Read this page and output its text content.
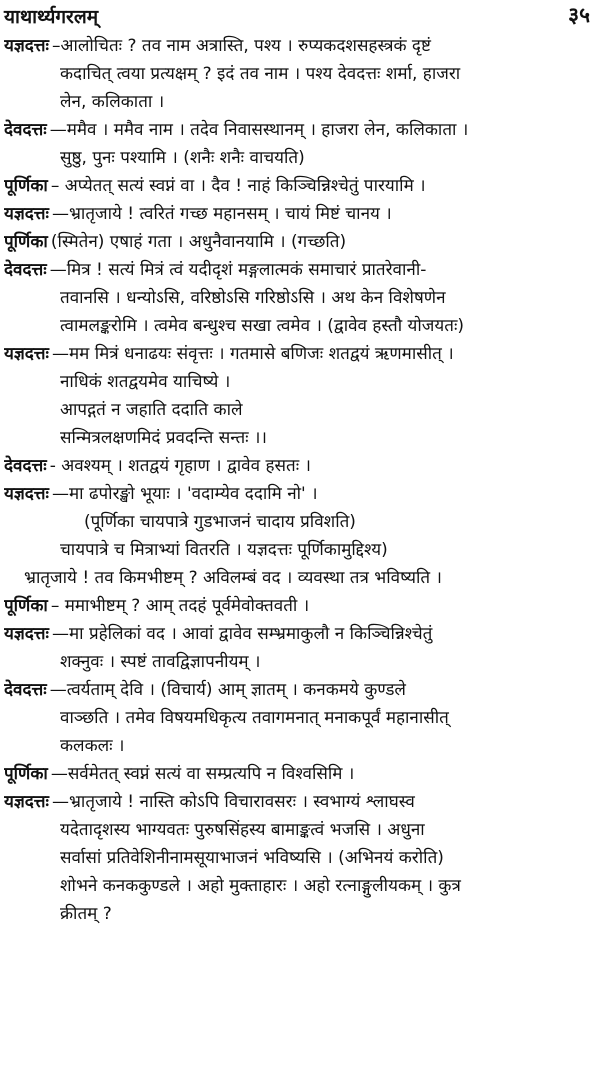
याथार्थ्यगरलम्	३५
यज्ञदत्तः –आलोचितः ? तव नाम अत्रास्ति, पश्य । रुप्यकदशसहस्त्रकं दृष्टं
कदाचित् त्वया प्रत्यक्षम् ? इदं तव नाम । पश्य देवदत्तः शर्मा, हाजरा
लेन, कलिकाता ।
देवदत्तः —ममैव । ममैव नाम । तदेव निवासस्थानम् । हाजरा लेन, कलिकाता ।
सुष्ठु, पुनः पश्यामि । (शनैः शनैः वाचयति)
पूर्णिका – अप्येतत् सत्यं स्वप्नं वा । दैव ! नाहं किञ्चिन्निश्चेतुं पारयामि ।
यज्ञदत्तः —भ्रातृजाये ! त्वरितं गच्छ महानसम् । चायं मिष्टं चानय ।
पूर्णिका (स्मितेन) एषाहं गता । अधुनैवानयामि । (गच्छति)
देवदत्तः —मित्र ! सत्यं मित्रं त्वं यदीदृशं मङ्गलात्मकं समाचारं प्रातरेवानी-
तवानसि । धन्योऽसि, वरिष्ठोऽसि गरिष्ठोऽसि । अथ केन विशेषणेन
त्वामलङ्करोमि । त्वमेव बन्धुश्च सखा त्वमेव । (द्वावेव हस्तौ योजयतः)
यज्ञदत्तः —मम मित्रं धनाढयः संवृत्तः । गतमासे बणिजः शतद्वयं ऋणमासीत् ।
नाधिकं शतद्वयमेव याचिष्ये ।
आपद्गतं न जहाति ददाति काले
सन्मित्रलक्षणमिदं प्रवदन्ति सन्तः ।।
देवदत्तः - अवश्यम् । शतद्वयं गृहाण । द्वावेव हसतः ।
यज्ञदत्तः —मा ढपोरङ्खो भूयाः । 'वदाम्येव ददामि नो' ।
(पूर्णिका चायपात्रे गुडभाजनं चादाय प्रविशति)
चायपात्रे च मित्राभ्यां वितरति । यज्ञदत्तः पूर्णिकामुद्दिश्य)
भ्रातृजाये ! तव किमभीष्टम् ? अविलम्बं वद । व्यवस्था तत्र भविष्यति ।
पूर्णिका – ममाभीष्टम् ? आम् तदहं पूर्वमेवोक्तवती ।
यज्ञदत्तः —मा प्रहेलिकां वद । आवां द्वावेव सम्भ्रमाकुलौ न किञ्चिन्निश्चेतुं
शक्नुवः । स्पष्टं तावद्विज्ञापनीयम् ।
देवदत्तः —त्वर्यताम् देवि । (विचार्य) आम् ज्ञातम् । कनकमये कुण्डले
वाञ्छति । तमेव विषयमधिकृत्य तवागमनात् मनाकपूर्वं महानासीत्
कलकलः ।
पूर्णिका —सर्वमेतत् स्वप्नं सत्यं वा सम्प्रत्यपि न विश्वसिमि ।
यज्ञदत्तः —भ्रातृजाये ! नास्ति कोऽपि विचारावसरः । स्वभाग्यं श्लाघस्व
यदेतादृशस्य भाग्यवतः पुरुषसिंहस्य बामाङ्कत्वं भजसि । अधुना
सर्वासां प्रतिवेशिनीनामसूयाभाजनं भविष्यसि । (अभिनयं करोति)
शोभने कनककुण्डले । अहो मुक्ताहारः । अहो रत्नाङ्गुलीयकम् । कुत्र
क्रीतम् ?
